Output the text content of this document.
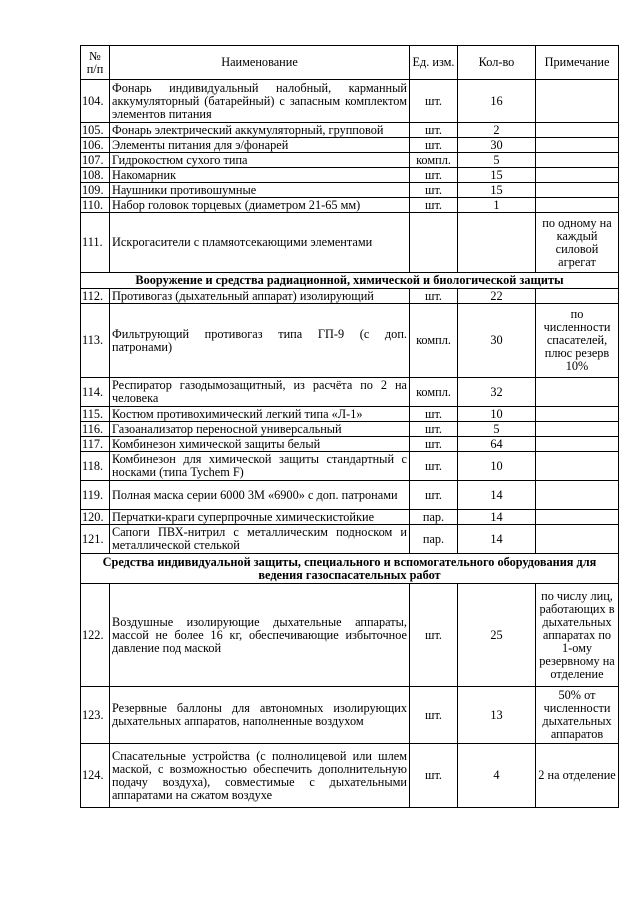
№ п/п	Наименование	Ед. изм.	Кол-во	Примечание
104.	Фонарь индивидуальный налобный, карманный аккумуляторный (батарейный) с запасным комплектом элементов питания	шт.	16	
105.	Фонарь электрический аккумуляторный, групповой	шт.	2	
106.	Элементы питания для э/фонарей	шт.	30	
107.	Гидрокостюм сухого типа	компл.	5	
108.	Накомарник	шт.	15	
109.	Наушники противошумные	шт.	15	
110.	Набор головок торцевых (диаметром 21-65 мм)	шт.	1	
111.	Искрогасители с пламяотсекающими элементами			по одному на каждый силовой агрегат
Вооружение и средства радиационной, химической и биологической защиты				
112.	Противогаз (дыхательный аппарат) изолирующий	шт.	22	
113.	Фильтрующий противогаз типа ГП-9 (с доп. патронами)	компл.	30	по численности спасателей, плюс резерв 10%
114.	Респиратор газодымозащитный, из расчёта по 2 на человека	компл.	32	
115.	Костюм противохимический легкий типа «Л-1»	шт.	10	
116.	Газоанализатор переносной универсальный	шт.	5	
117.	Комбинезон химической защиты белый	шт.	64	
118.	Комбинезон для химической защиты стандартный с носками (типа Tychem F)	шт.	10	
119.	Полная маска серии 6000 3М «6900» с доп. патронами	шт.	14	
120.	Перчатки-краги суперпрочные химическистойкие	пар.	14	
121.	Сапоги ПВХ-нитрил с металлическим подноском и металлической стелькой	пар.	14	
Средства индивидуальной защиты, специального и вспомогательного оборудования для ведения газоспасательных работ				
122.	Воздушные изолирующие дыхательные аппараты, массой не более 16 кг, обеспечивающие избыточное давление под маской	шт.	25	по числу лиц, работающих в дыхательных аппаратах по 1-ому резервному на отделение
123.	Резервные баллоны для автономных изолирующих дыхательных аппаратов, наполненные воздухом	шт.	13	50% от численности дыхательных аппаратов
124.	Спасательные устройства (с полнолицевой или шлем маской, с возможностью обеспечить дополнительную подачу воздуха), совместимые с дыхательными аппаратами на сжатом воздухе	шт.	4	2 на отделение
